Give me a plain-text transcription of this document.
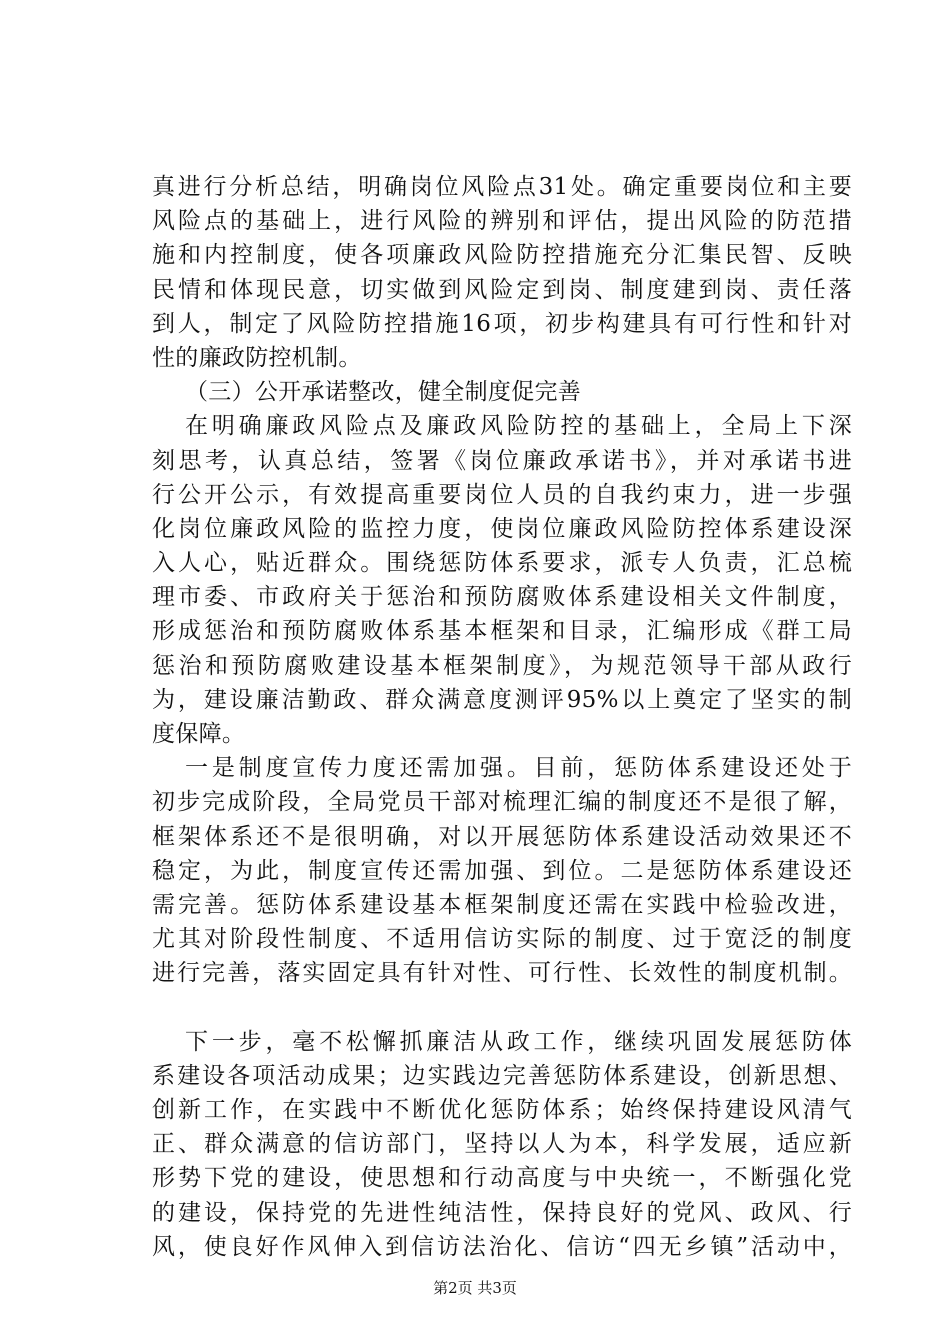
真进行分析总结，明确岗位风险点31处。确定重要岗位和主要
风险点的基础上，进行风险的辨别和评估，提出风险的防范措
施和内控制度，使各项廉政风险防控措施充分汇集民智、反映
民情和体现民意，切实做到风险定到岗、制度建到岗、责任落
到人，制定了风险防控措施16项，初步构建具有可行性和针对
性的廉政防控机制。
（三）公开承诺整改，健全制度促完善
在明确廉政风险点及廉政风险防控的基础上，全局上下深
刻思考，认真总结，签署《岗位廉政承诺书》，并对承诺书进
行公开公示，有效提高重要岗位人员的自我约束力，进一步强
化岗位廉政风险的监控力度，使岗位廉政风险防控体系建设深
入人心，贴近群众。围绕惩防体系要求，派专人负责，汇总梳
理市委、市政府关于惩治和预防腐败体系建设相关文件制度，
形成惩治和预防腐败体系基本框架和目录，汇编形成《群工局
惩治和预防腐败建设基本框架制度》，为规范领导干部从政行
为，建设廉洁勤政、群众满意度测评95%以上奠定了坚实的制
度保障。
一是制度宣传力度还需加强。目前，惩防体系建设还处于
初步完成阶段，全局党员干部对梳理汇编的制度还不是很了解，
框架体系还不是很明确，对以开展惩防体系建设活动效果还不
稳定，为此，制度宣传还需加强、到位。二是惩防体系建设还
需完善。惩防体系建设基本框架制度还需在实践中检验改进，
尤其对阶段性制度、不适用信访实际的制度、过于宽泛的制度
进行完善，落实固定具有针对性、可行性、长效性的制度机制。
下一步，毫不松懈抓廉洁从政工作，继续巩固发展惩防体
系建设各项活动成果；边实践边完善惩防体系建设，创新思想、
创新工作，在实践中不断优化惩防体系；始终保持建设风清气
正、群众满意的信访部门，坚持以人为本，科学发展，适应新
形势下党的建设，使思想和行动高度与中央统一，不断强化党
的建设，保持党的先进性纯洁性，保持良好的党风、政风、行
风，使良好作风伸入到信访法治化、信访“四无乡镇”活动中，
第2页 共3页
